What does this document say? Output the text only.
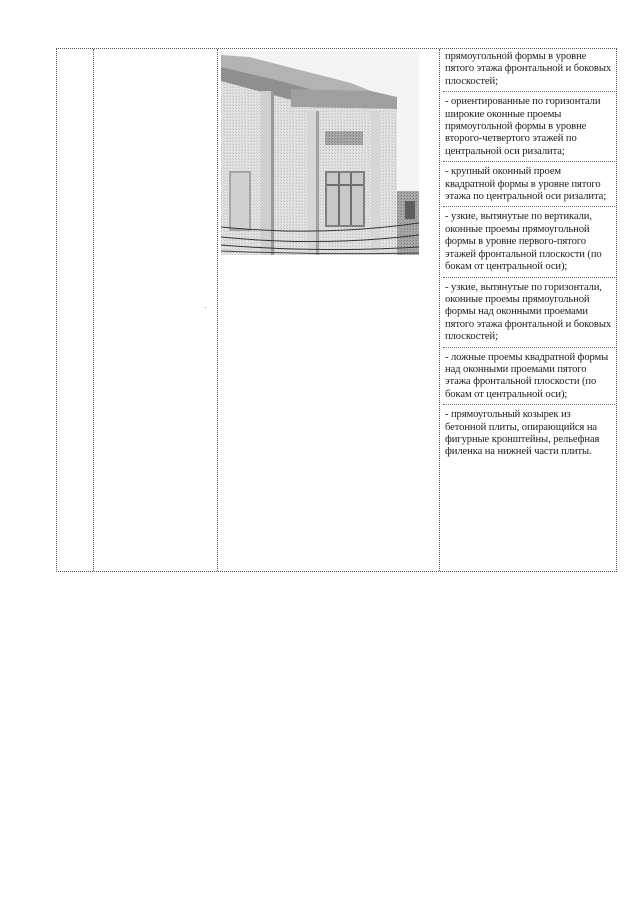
прямоугольной формы в уровне пятого этажа фронтальной и боковых плоскостей;
- ориентированные по горизонтали широкие оконные проемы прямоугольной формы в уровне второго-четвертого этажей по центральной оси ризалита;
- крупный оконный проем квадратной формы в уровне пятого этажа по центральной оси ризалита;
- узкие, вытянутые по вертикали, оконные проемы прямоугольной формы в уровне первого-пятого этажей фронтальной плоскости (по бокам от центральной оси);
- узкие, вытянутые по горизонтали, оконные проемы прямоугольной формы над оконными проемами пятого этажа фронтальной и боковых плоскостей;
- ложные проемы квадратной формы над оконными проемами пятого этажа фронтальной плоскости (по бокам от центральной оси);
- прямоугольный козырек из бетонной плиты, опирающийся на фигурные кронштейны, рельефная филенка на нижней части плиты.
